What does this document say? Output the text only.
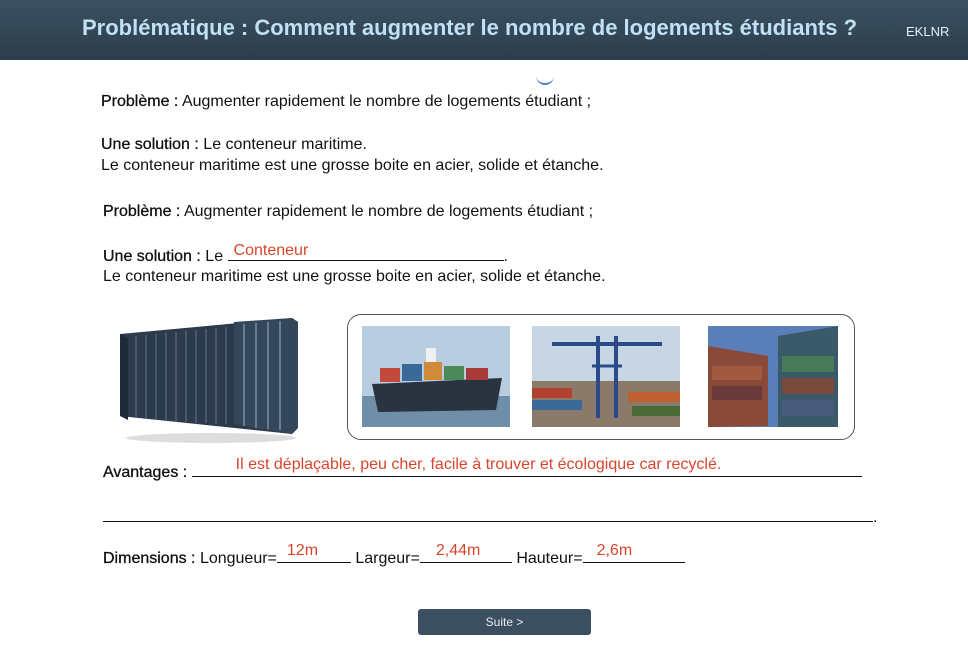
Problématique : Comment augmenter le nombre de logements étudiants ?	EKLNR
Problème : Augmenter rapidement le nombre de logements étudiant ;
Une solution : Le conteneur maritime.
Le conteneur maritime est une grosse boite en acier, solide et étanche.
Problème : Augmenter rapidement le nombre de logements étudiant ;
Une solution : Le Conteneur	.
Le conteneur maritime est une grosse boite en acier, solide et étanche.
Avantages :	Il est déplaçable, peu cher, facile à trouver et écologique car recyclé.
.
Dimensions : Longueur= 12m Largeur= 2,44m Hauteur= 2,6m
Suite >
